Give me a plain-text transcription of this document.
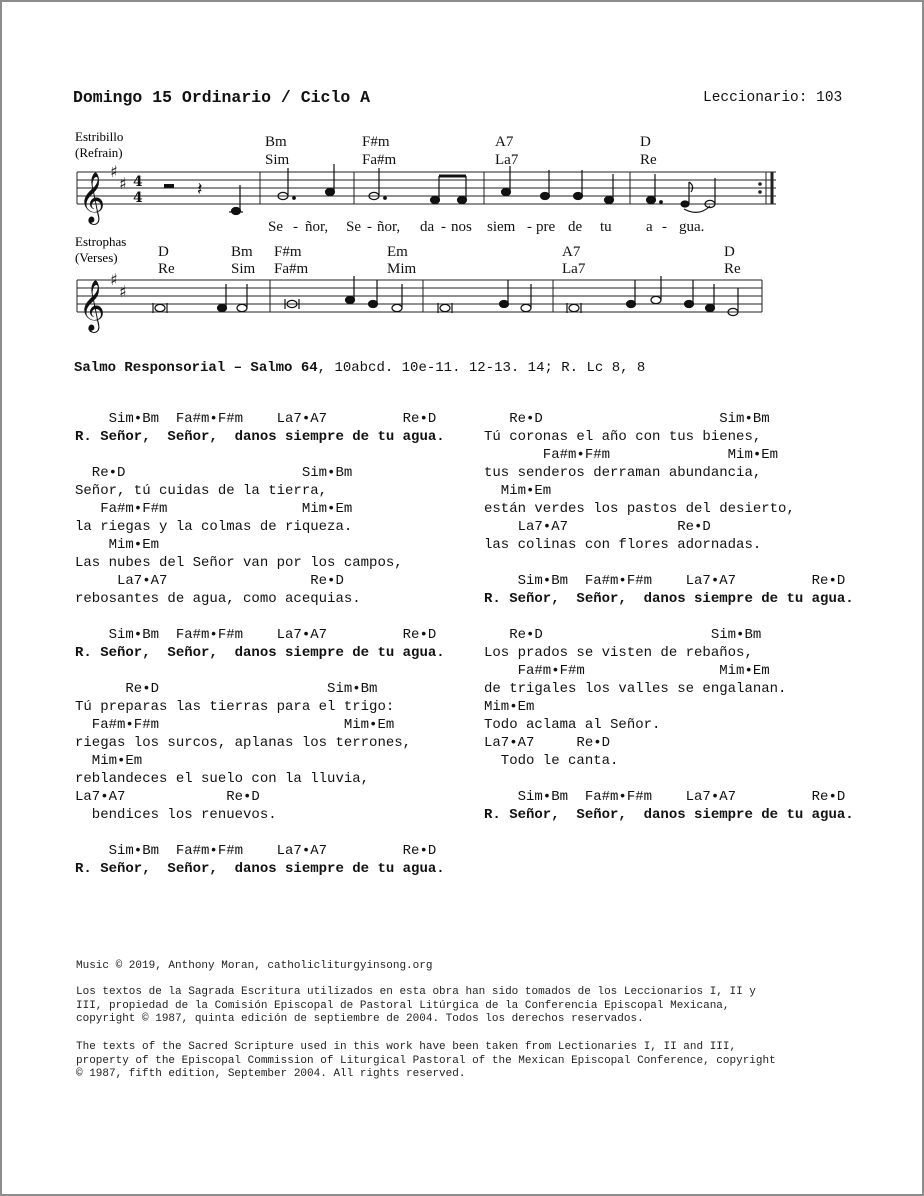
Domingo 15 Ordinario / Ciclo A	Leccionario: 103
Estribillo
(Refrain)
Bm
Sim
F#m
Fa#m
A7
La7
D
Re
𝄞
♯
♯ 4
4	𝄽
Se - ñor, Se - ñor, da - nos siem - pre de tu a - gua.
Estrophas
(Verses)	D
Re
Bm
Sim
F#m
Fa#m
Em
Mim
A7
La7
D
Re
𝄞
♯
♯
Salmo Responsorial – Salmo 64, 10abcd. 10e-11. 12-13. 14; R. Lc 8, 8
Sim•Bm  Fa#m•F#m    La7•A7         Re•D
R. Señor,  Señor,  danos siempre de tu agua.
Re•D                     Sim•Bm
Señor, tú cuidas de la tierra,
Fa#m•F#m                Mim•Em
la riegas y la colmas de riqueza.
Mim•Em
Las nubes del Señor van por los campos,
La7•A7                 Re•D
rebosantes de agua, como acequias.
Sim•Bm  Fa#m•F#m    La7•A7         Re•D
R. Señor,  Señor,  danos siempre de tu agua.
Re•D                    Sim•Bm
Tú preparas las tierras para el trigo:
Fa#m•F#m                      Mim•Em
riegas los surcos, aplanas los terrones,
Mim•Em
reblandeces el suelo con la lluvia,
La7•A7            Re•D
bendices los renuevos.
Sim•Bm  Fa#m•F#m    La7•A7         Re•D
R. Señor,  Señor,  danos siempre de tu agua.
Re•D                     Sim•Bm
Tú coronas el año con tus bienes,
Fa#m•F#m              Mim•Em
tus senderos derraman abundancia,
Mim•Em
están verdes los pastos del desierto,
La7•A7             Re•D
las colinas con flores adornadas.
Sim•Bm  Fa#m•F#m    La7•A7         Re•D
R. Señor,  Señor,  danos siempre de tu agua.
Re•D                    Sim•Bm
Los prados se visten de rebaños,
Fa#m•F#m                Mim•Em
de trigales los valles se engalanan.
Mim•Em
Todo aclama al Señor.
La7•A7     Re•D
Todo le canta.
Sim•Bm  Fa#m•F#m    La7•A7         Re•D
R. Señor,  Señor,  danos siempre de tu agua.
Music © 2019, Anthony Moran, catholicliturgyinsong.org
Los textos de la Sagrada Escritura utilizados en esta obra han sido tomados de los Leccionarios I, II y
III, propiedad de la Comisión Episcopal de Pastoral Litúrgica de la Conferencia Episcopal Mexicana,
copyright © 1987, quinta edición de septiembre de 2004. Todos los derechos reservados.
The texts of the Sacred Scripture used in this work have been taken from Lectionaries I, II and III,
property of the Episcopal Commission of Liturgical Pastoral of the Mexican Episcopal Conference, copyright
© 1987, fifth edition, September 2004. All rights reserved.
